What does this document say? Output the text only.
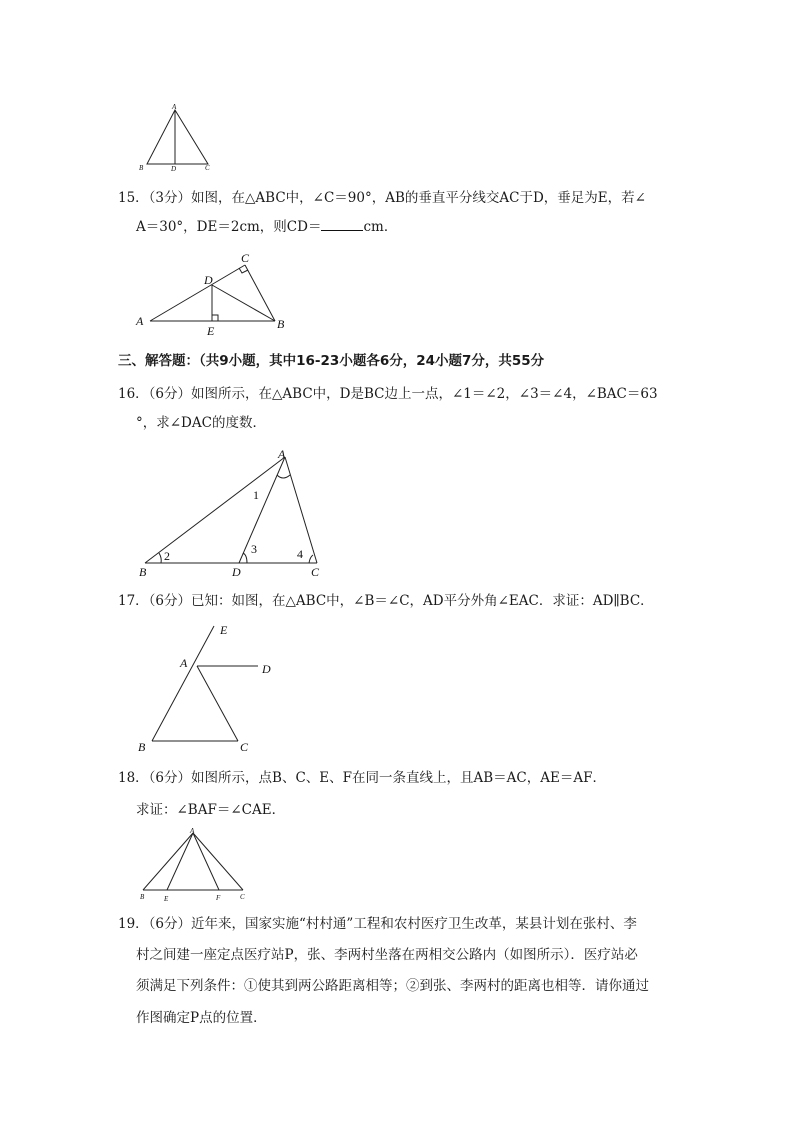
A
B	D	C
15．（3分）如图，在△ABC中，∠C＝90°，AB的垂直平分线交AC于D，垂足为E，若∠
A＝30°，DE＝2cm，则CD＝	cm．
A	B
C
D
E
三、解答题：（共9小题，其中16-23小题各6分，24小题7分，共55分
16．（6分）如图所示，在△ABC中，D是BC边上一点，∠1＝∠2，∠3＝∠4，∠BAC＝63
°，求∠DAC的度数．
A
B	D	C
1
2	3	4
17．（6分）已知：如图，在△ABC中，∠B＝∠C，AD平分外角∠EAC．求证：AD∥BC．
E
A	D
B	C
18．（6分）如图所示，点B、C、E、F在同一条直线上，且AB＝AC，AE＝AF．
求证：∠BAF＝∠CAE．
A
B	E	F	C
19．（6分）近年来，国家实施“村村通”工程和农村医疗卫生改革，某县计划在张村、李
村之间建一座定点医疗站P，张、李两村坐落在两相交公路内（如图所示）．医疗站必
须满足下列条件：①使其到两公路距离相等；②到张、李两村的距离也相等．请你通过
作图确定P点的位置．
